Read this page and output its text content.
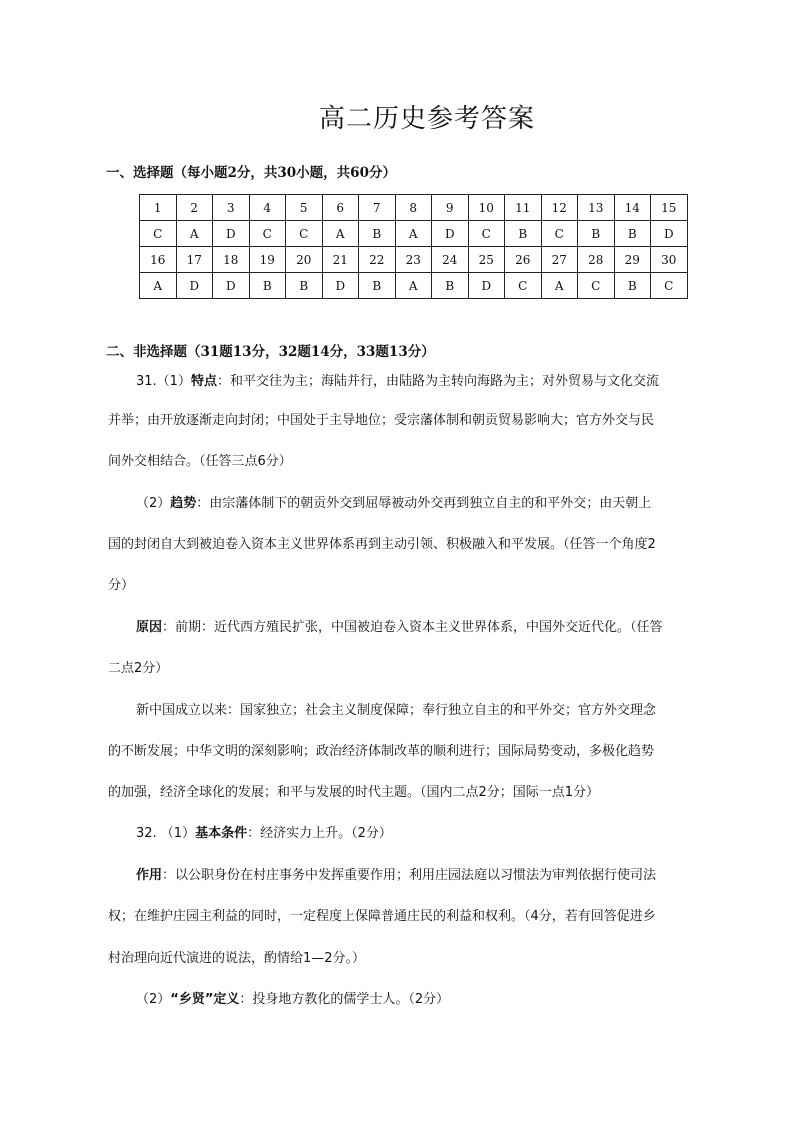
高二历史参考答案
一、选择题（每小题2分，共30小题，共60分）
1	2	3	4	5	6	7	8	9	10	11	12	13	14	15
C	A	D	C	C	A	B	A	D	C	B	C	B	B	D
16	17	18	19	20	21	22	23	24	25	26	27	28	29	30
A	D	D	B	B	D	B	A	B	D	C	A	C	B	C
二、非选择题（31题13分，32题14分，33题13分）
31.（1）特点：和平交往为主；海陆并行，由陆路为主转向海路为主；对外贸易与文化交流
并举；由开放逐渐走向封闭；中国处于主导地位；受宗藩体制和朝贡贸易影响大；官方外交与民
间外交相结合。（任答三点6分）
（2）趋势：由宗藩体制下的朝贡外交到屈辱被动外交再到独立自主的和平外交；由天朝上
国的封闭自大到被迫卷入资本主义世界体系再到主动引领、积极融入和平发展。（任答一个角度2
分）
原因：前期：近代西方殖民扩张，中国被迫卷入资本主义世界体系，中国外交近代化。（任答
二点2分）
新中国成立以来：国家独立；社会主义制度保障；奉行独立自主的和平外交；官方外交理念
的不断发展；中华文明的深刻影响；政治经济体制改革的顺利进行；国际局势变动，多极化趋势
的加强，经济全球化的发展；和平与发展的时代主题。（国内二点2分；国际一点1分）
32. （1）基本条件：经济实力上升。（2分）
作用：以公职身份在村庄事务中发挥重要作用；利用庄园法庭以习惯法为审判依据行使司法
权；在维护庄园主利益的同时，一定程度上保障普通庄民的利益和权利。（4分，若有回答促进乡
村治理向近代演进的说法，酌情给1—2分。）
（2）“乡贤”定义：投身地方教化的儒学士人。（2分）
